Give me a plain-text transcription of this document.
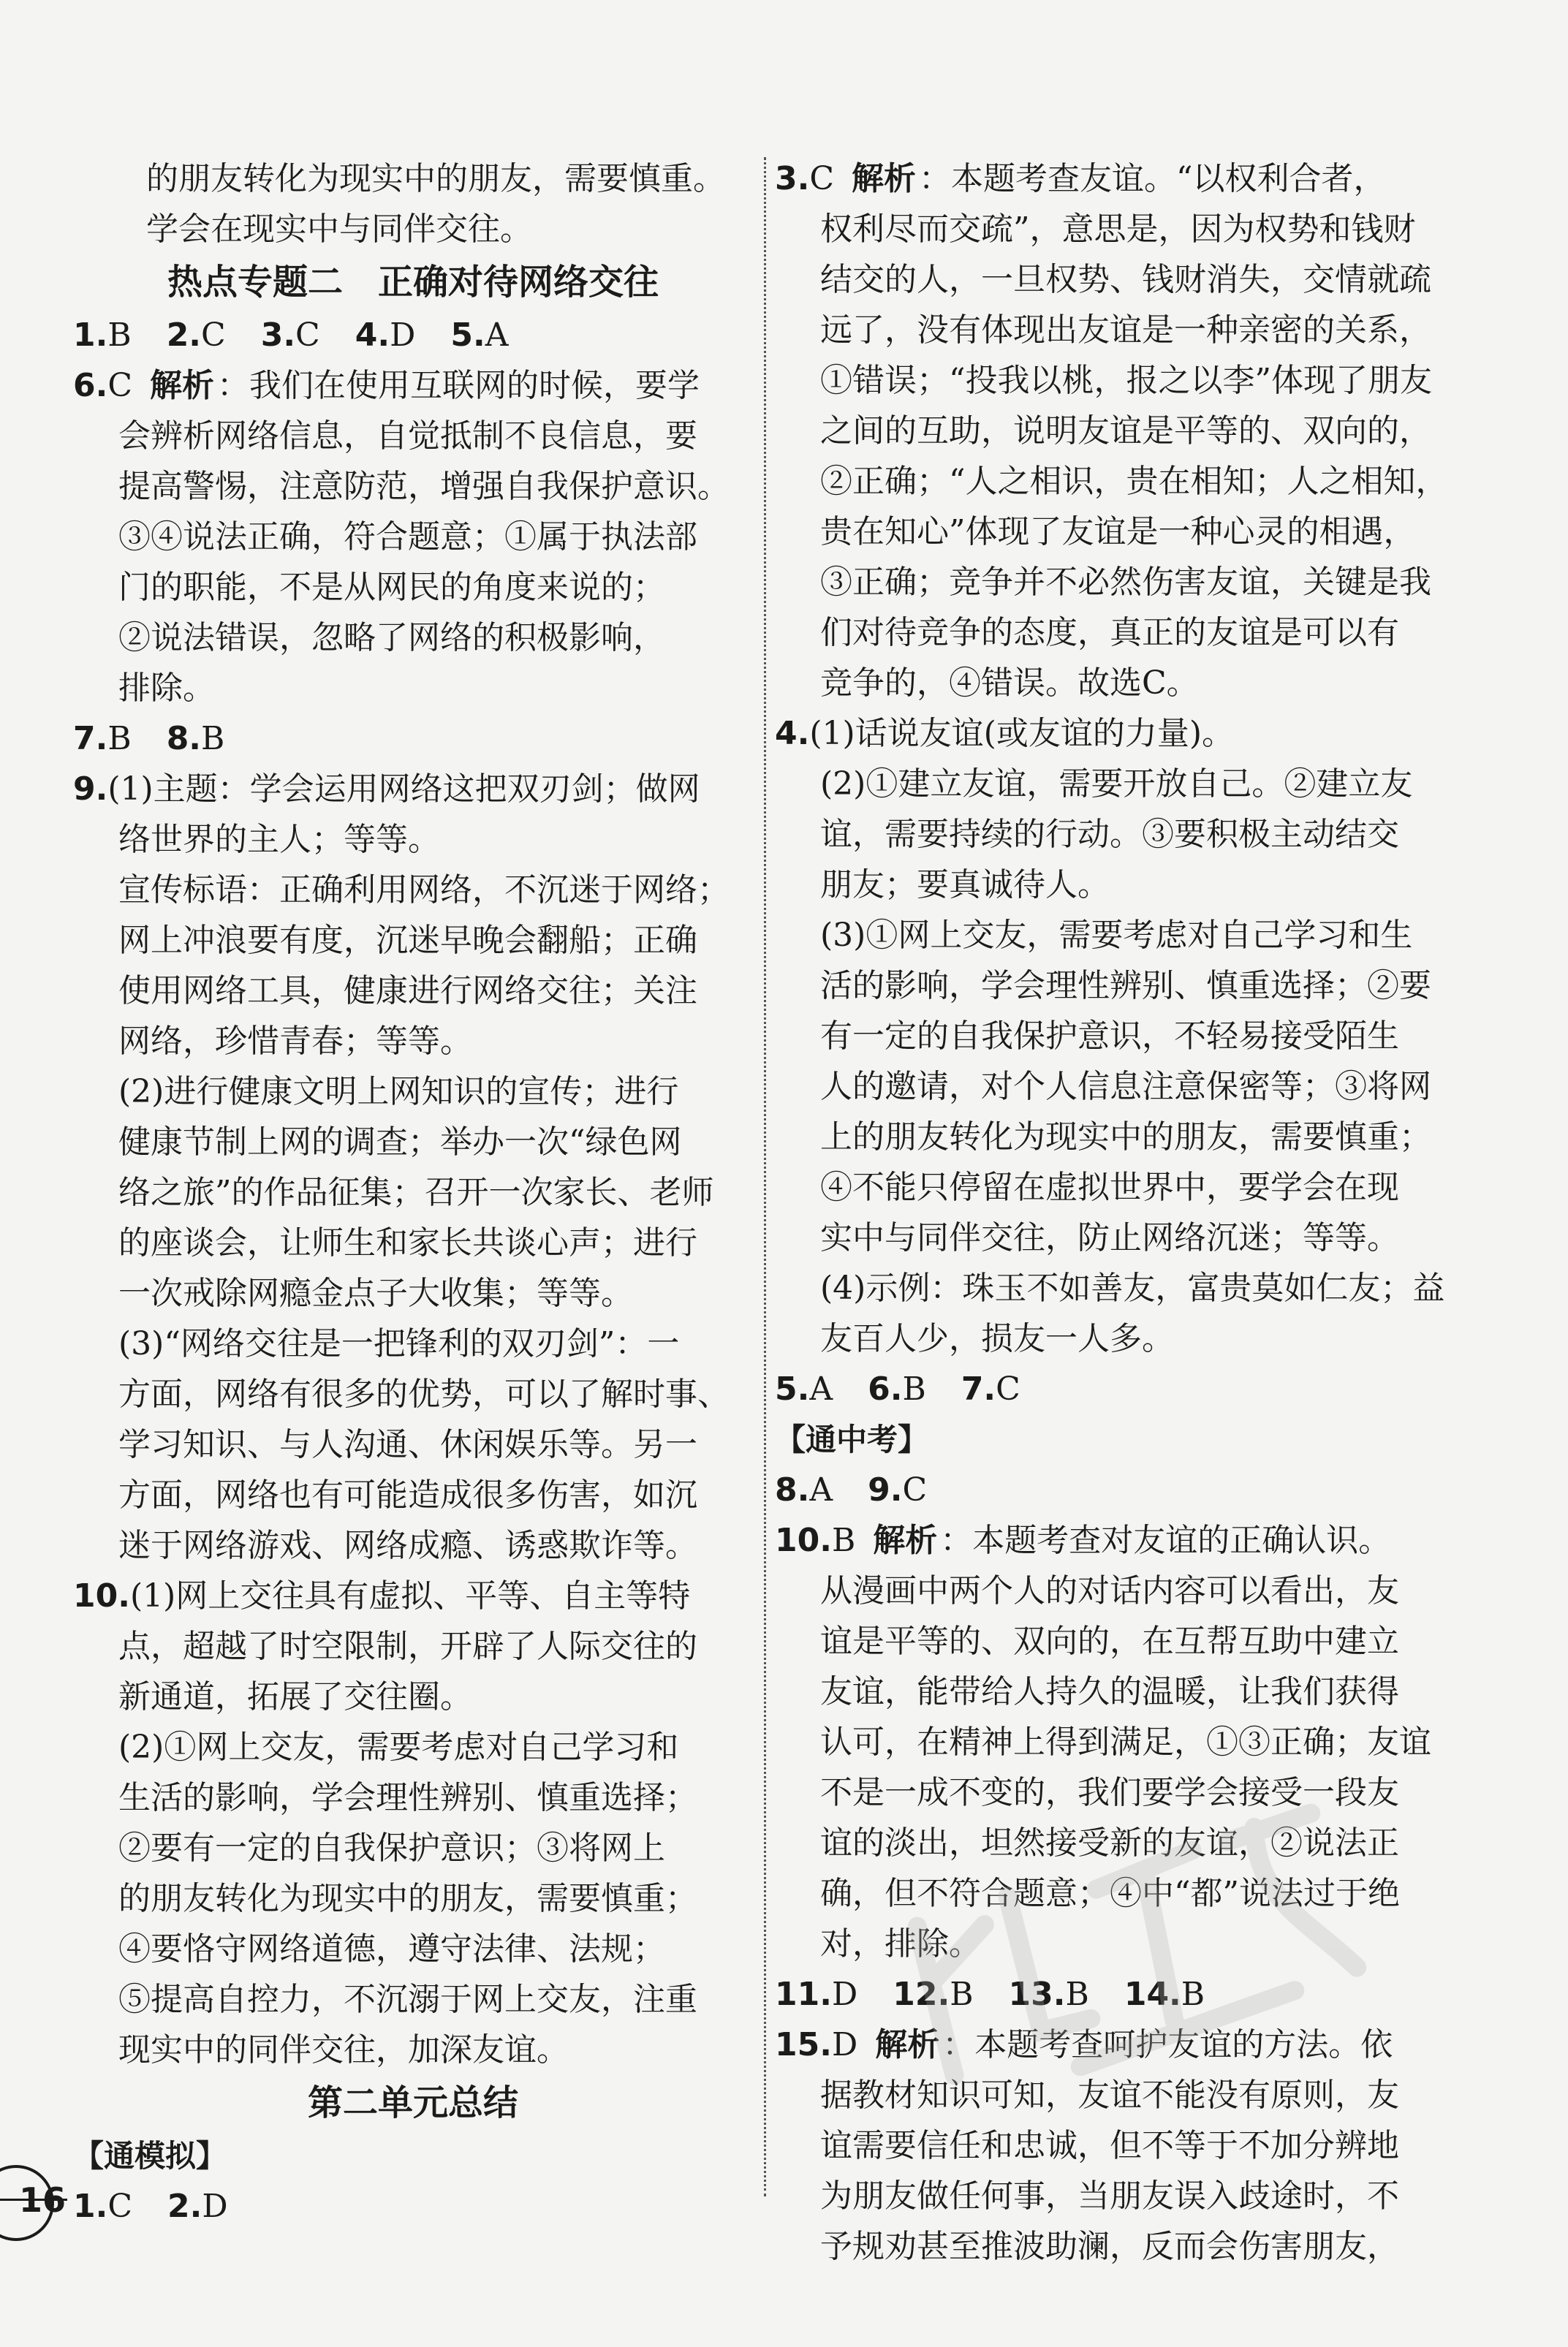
的朋友转化为现实中的朋友，需要慎重。
学会在现实中与同伴交往。
热点专题二　正确对待网络交往
1.B 2.C 3.C 4.D 5.A
6.C 解析：我们在使用互联网的时候，要学
会辨析网络信息，自觉抵制不良信息，要
提高警惕，注意防范，增强自我保护意识。
③④说法正确，符合题意；①属于执法部
门的职能，不是从网民的角度来说的；
②说法错误，忽略了网络的积极影响，
排除。
7.B 8.B
9.(1)主题：学会运用网络这把双刃剑；做网
络世界的主人；等等。
宣传标语：正确利用网络，不沉迷于网络；
网上冲浪要有度，沉迷早晚会翻船；正确
使用网络工具，健康进行网络交往；关注
网络，珍惜青春；等等。
(2)进行健康文明上网知识的宣传；进行
健康节制上网的调查；举办一次“绿色网
络之旅”的作品征集；召开一次家长、老师
的座谈会，让师生和家长共谈心声；进行
一次戒除网瘾金点子大收集；等等。
(3)“网络交往是一把锋利的双刃剑”：一
方面，网络有很多的优势，可以了解时事、
学习知识、与人沟通、休闲娱乐等。另一
方面，网络也有可能造成很多伤害，如沉
迷于网络游戏、网络成瘾、诱惑欺诈等。
10.(1)网上交往具有虚拟、平等、自主等特
点，超越了时空限制，开辟了人际交往的
新通道，拓展了交往圈。
(2)①网上交友，需要考虑对自己学习和
生活的影响，学会理性辨别、慎重选择；
②要有一定的自我保护意识；③将网上
的朋友转化为现实中的朋友，需要慎重；
④要恪守网络道德，遵守法律、法规；
⑤提高自控力，不沉溺于网上交友，注重
现实中的同伴交往，加深友谊。
第二单元总结
【通模拟】
1.C 2.D
3.C 解析：本题考查友谊。“以权利合者，
权利尽而交疏”，意思是，因为权势和钱财
结交的人，一旦权势、钱财消失，交情就疏
远了，没有体现出友谊是一种亲密的关系，
①错误；“投我以桃，报之以李”体现了朋友
之间的互助，说明友谊是平等的、双向的，
②正确；“人之相识，贵在相知；人之相知，
贵在知心”体现了友谊是一种心灵的相遇，
③正确；竞争并不必然伤害友谊，关键是我
们对待竞争的态度，真正的友谊是可以有
竞争的，④错误。故选C。
4.(1)话说友谊(或友谊的力量)。
(2)①建立友谊，需要开放自己。②建立友
谊，需要持续的行动。③要积极主动结交
朋友；要真诚待人。
(3)①网上交友，需要考虑对自己学习和生
活的影响，学会理性辨别、慎重选择；②要
有一定的自我保护意识，不轻易接受陌生
人的邀请，对个人信息注意保密等；③将网
上的朋友转化为现实中的朋友，需要慎重；
④不能只停留在虚拟世界中，要学会在现
实中与同伴交往，防止网络沉迷；等等。
(4)示例：珠玉不如善友，富贵莫如仁友；益
友百人少，损友一人多。
5.A 6.B 7.C
【通中考】
8.A 9.C
10.B 解析：本题考查对友谊的正确认识。
从漫画中两个人的对话内容可以看出，友
谊是平等的、双向的，在互帮互助中建立
友谊，能带给人持久的温暖，让我们获得
认可，在精神上得到满足，①③正确；友谊
不是一成不变的，我们要学会接受一段友
谊的淡出，坦然接受新的友谊，②说法正
确，但不符合题意；④中“都”说法过于绝
对，排除。
11.D 12.B 13.B 14.B
15.D 解析：本题考查呵护友谊的方法。依
据教材知识可知，友谊不能没有原则，友
谊需要信任和忠诚，但不等于不加分辨地
为朋友做任何事，当朋友误入歧途时，不
予规劝甚至推波助澜，反而会伤害朋友，
16
